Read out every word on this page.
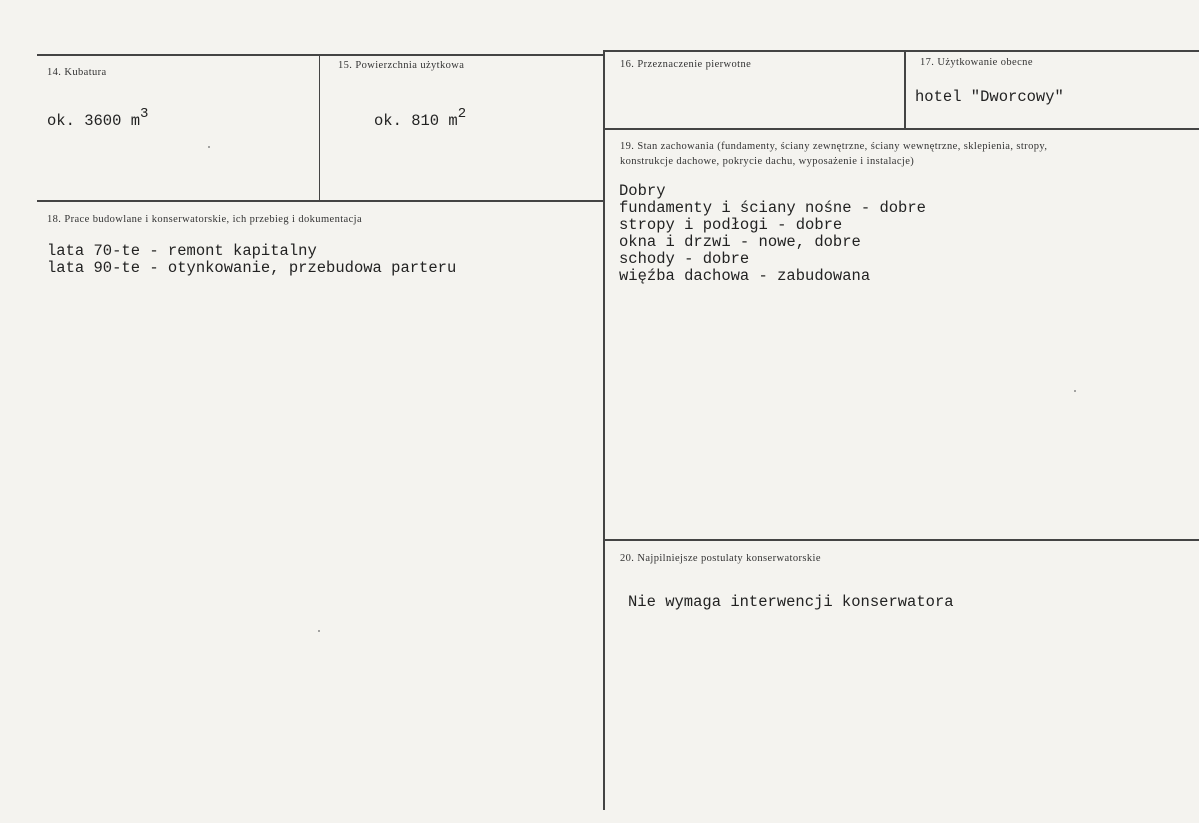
14. Kubatura
ok. 3600 $m^3$
15. Powierzchnia użytkowa
ok. 810 $m^2$
16. Przeznaczenie pierwotne	17. Użytkowanie obecne
hotel "Dworcowy"
18. Prace budowlane i konserwatorskie, ich przebieg i dokumentacja
lata 70-te - remont kapitalny
lata 90-te - otynkowanie, przebudowa parteru
19. Stan zachowania (fundamenty, ściany zewnętrzne, ściany wewnętrzne, sklepienia, stropy,
konstrukcje dachowe, pokrycie dachu, wyposażenie i instalacje)
Dobry
fundamenty i ściany nośne - dobre
stropy i podłogi - dobre
okna i drzwi - nowe, dobre
schody - dobre
więźba dachowa - zabudowana
20. Najpilniejsze postulaty konserwatorskie
Nie wymaga interwencji konserwatora
